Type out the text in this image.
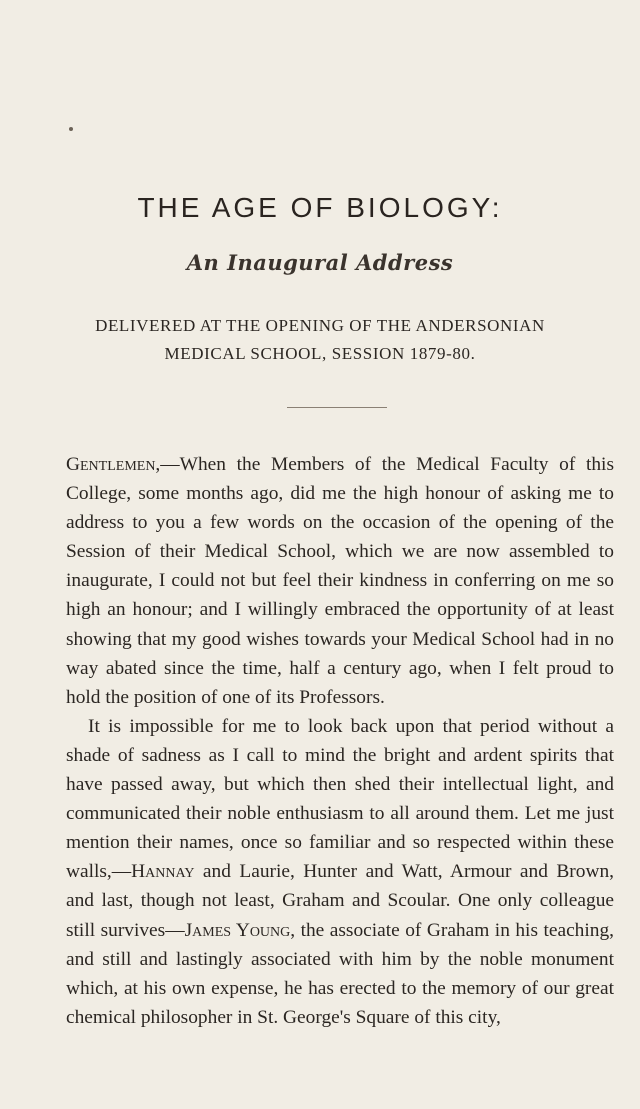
THE AGE OF BIOLOGY:
An Inaugural Address

DELIVERED AT THE OPENING OF THE ANDERSONIAN
MEDICAL SCHOOL, SESSION 1879-80.

Gentlemen,—When the Members of the Medical Faculty of this College, some months ago, did me the high honour of asking me to address to you a few words on the occasion of the opening of the Session of their Medical School, which we are now assembled to inaugurate, I could not but feel their kindness in conferring on me so high an honour; and I willingly embraced the opportunity of at least showing that my good wishes towards your Medical School had in no way abated since the time, half a century ago, when I felt proud to hold the position of one of its Professors.

It is impossible for me to look back upon that period without a shade of sadness as I call to mind the bright and ardent spirits that have passed away, but which then shed their intellectual light, and communicated their noble enthusiasm to all around them. Let me just mention their names, once so familiar and so respected within these walls,—Hannay and Laurie, Hunter and Watt, Armour and Brown, and last, though not least, Graham and Scoular. One only colleague still survives—James Young, the associate of Graham in his teaching, and still and lastingly associated with him by the noble monument which, at his own expense, he has erected to the memory of our great chemical philosopher in St. George's Square of this city,
